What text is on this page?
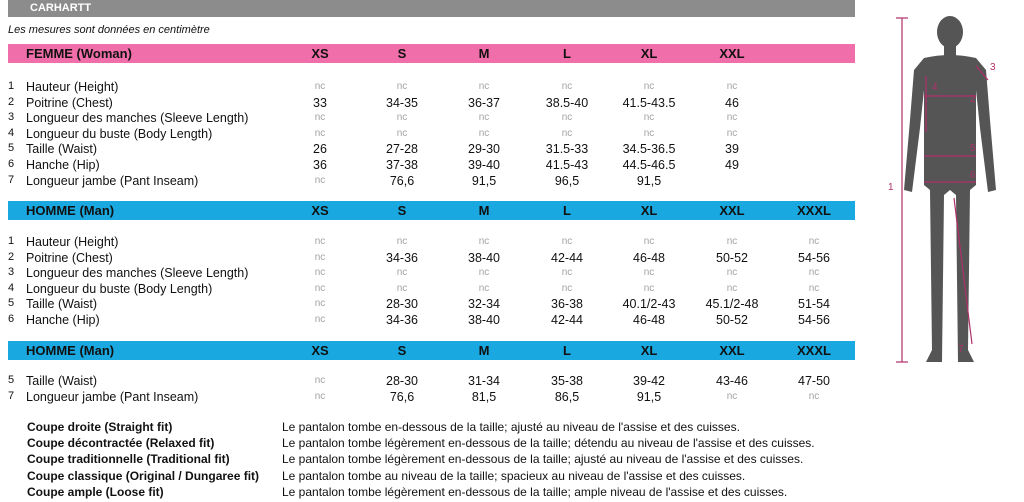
CARHARTT
Les mesures sont données en centimètre
FEMME (Woman)	XS	S	M	L	XL	XXL
1 Hauteur (Height)	nc	nc	nc	nc	nc	nc
2 Poitrine (Chest)	33	34-35	36-37	38.5-40	41.5-43.5	46
3 Longueur des manches (Sleeve Length)	nc	nc	nc	nc	nc	nc
4 Longueur du buste (Body Length)	nc	nc	nc	nc	nc	nc
5 Taille (Waist)	26	27-28	29-30	31.5-33	34.5-36.5	39
6 Hanche (Hip)	36	37-38	39-40	41.5-43	44.5-46.5	49
7 Longueur jambe (Pant Inseam)	nc	76,6	91,5	96,5	91,5
HOMME (Man)	XS	S	M	L	XL	XXL	XXXL
1 Hauteur (Height)	nc	nc	nc	nc	nc	nc	nc
2 Poitrine (Chest)	nc	34-36	38-40	42-44	46-48	50-52	54-56
3 Longueur des manches (Sleeve Length)	nc	nc	nc	nc	nc	nc	nc
4 Longueur du buste (Body Length)	nc	nc	nc	nc	nc	nc	nc
5 Taille (Waist)	nc	28-30	32-34	36-38	40.1/2-43	45.1/2-48	51-54
6 Hanche (Hip)	nc	34-36	38-40	42-44	46-48	50-52	54-56
HOMME (Man)	XS	S	M	L	XL	XXL	XXXL
5 Taille (Waist)	nc	28-30	31-34	35-38	39-42	43-46	47-50
7 Longueur jambe (Pant Inseam)	nc	76,6	81,5	86,5	91,5	nc	nc
Coupe droite (Straight fit)	Le pantalon tombe en-dessous de la taille; ajusté au niveau de l'assise et des cuisses.
Coupe décontractée (Relaxed fit)	Le pantalon tombe légèrement en-dessous de la taille; détendu au niveau de l'assise et des cuisses.
Coupe traditionnelle (Traditional fit)	Le pantalon tombe légèrement en-dessous de la taille; ajusté au niveau de l'assise et des cuisses.
Coupe classique (Original / Dungaree fit) Le pantalon tombe au niveau de la taille; spacieux au niveau de l'assise et des cuisses.
Coupe ample (Loose fit)	Le pantalon tombe légèrement en-dessous de la taille; ample niveau de l'assise et des cuisses.
1
2
3
4
5
6
7
